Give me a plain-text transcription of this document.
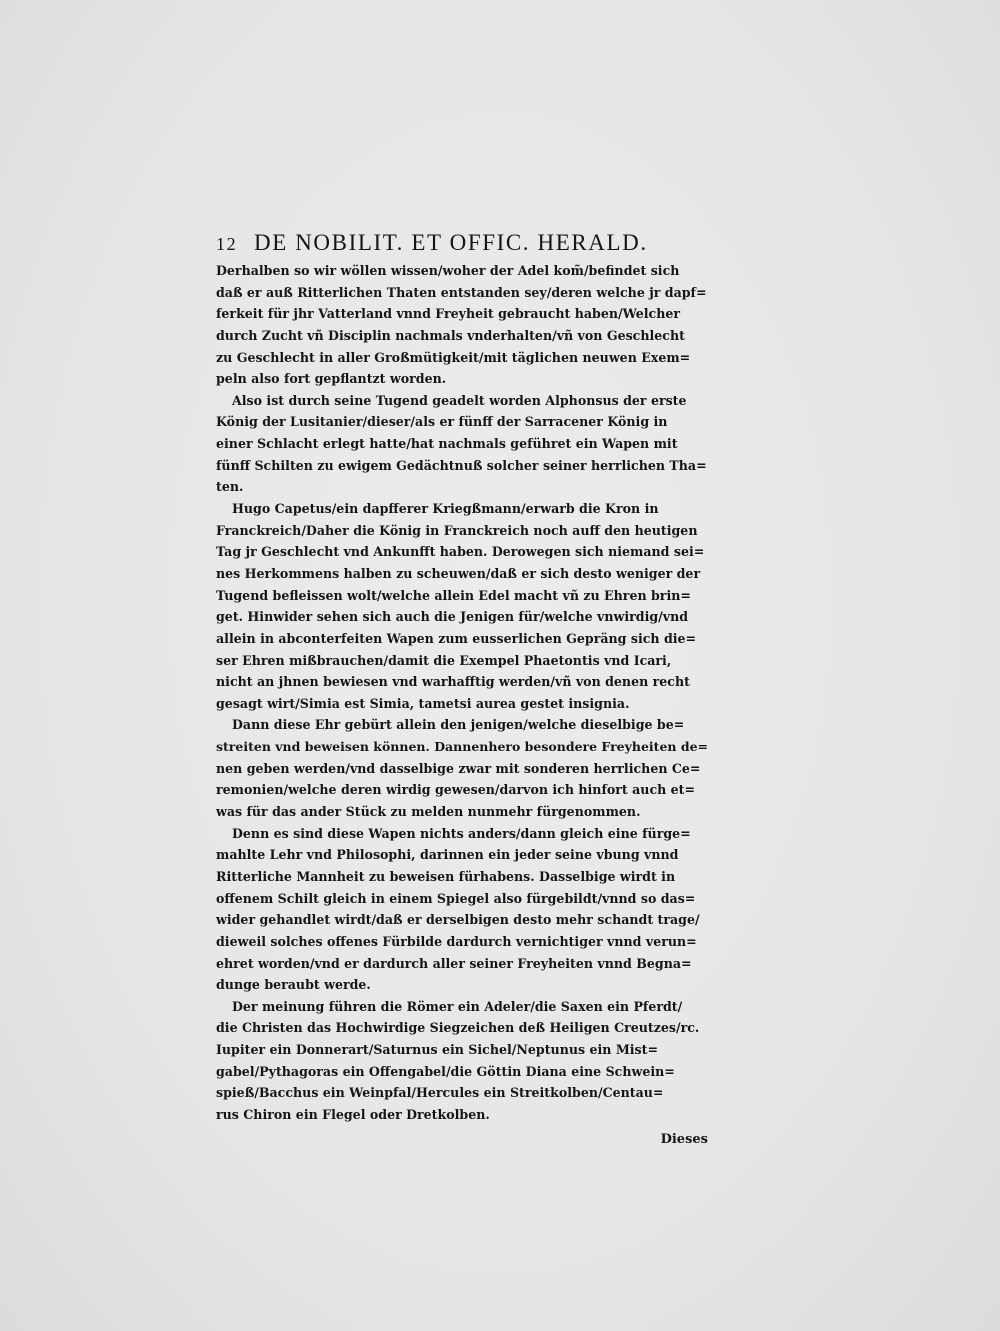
12 DE NOBILIT. ET OFFIC. HERALD.
Derhalben so wir wöllen wissen/woher der Adel kom̃/befindet sich
daß er auß Ritterlichen Thaten entstanden sey/deren welche jr dapf=
ferkeit für jhr Vatterland vnnd Freyheit gebraucht haben/Welcher
durch Zucht vñ Disciplin nachmals vnderhalten/vñ von Geschlecht
zu Geschlecht in aller Großmütigkeit/mit täglichen neuwen Exem=
peln also fort gepflantzt worden.
Also ist durch seine Tugend geadelt worden Alphonsus der erste
König der Lusitanier/dieser/als er fünff der Sarracener König in
einer Schlacht erlegt hatte/hat nachmals geführet ein Wapen mit
fünff Schilten zu ewigem Gedächtnuß solcher seiner herrlichen Tha=
ten.
Hugo Capetus/ein dapfferer Kriegßmann/erwarb die Kron in
Franckreich/Daher die König in Franckreich noch auff den heutigen
Tag jr Geschlecht vnd Ankunfft haben. Derowegen sich niemand sei=
nes Herkommens halben zu scheuwen/daß er sich desto weniger der
Tugend befleissen wolt/welche allein Edel macht vñ zu Ehren brin=
get. Hinwider sehen sich auch die Jenigen für/welche vnwirdig/vnd
allein in abconterfeiten Wapen zum eusserlichen Gepräng sich die=
ser Ehren mißbrauchen/damit die Exempel Phaetontis vnd Icari,
nicht an jhnen bewiesen vnd warhafftig werden/vñ von denen recht
gesagt wirt/Simia est Simia, tametsi aurea gestet insignia.
Dann diese Ehr gebürt allein den jenigen/welche dieselbige be=
streiten vnd beweisen können. Dannenhero besondere Freyheiten de=
nen geben werden/vnd dasselbige zwar mit sonderen herrlichen Ce=
remonien/welche deren wirdig gewesen/darvon ich hinfort auch et=
was für das ander Stück zu melden nunmehr fürgenommen.
Denn es sind diese Wapen nichts anders/dann gleich eine fürge=
mahlte Lehr vnd Philosophi, darinnen ein jeder seine vbung vnnd
Ritterliche Mannheit zu beweisen fürhabens. Dasselbige wirdt in
offenem Schilt gleich in einem Spiegel also fürgebildt/vnnd so das=
wider gehandlet wirdt/daß er derselbigen desto mehr schandt trage/
dieweil solches offenes Fürbilde dardurch vernichtiger vnnd verun=
ehret worden/vnd er dardurch aller seiner Freyheiten vnnd Begna=
dunge beraubt werde.
Der meinung führen die Römer ein Adeler/die Saxen ein Pferdt/
die Christen das Hochwirdige Siegzeichen deß Heiligen Creutzes/rc.
Iupiter ein Donnerart/Saturnus ein Sichel/Neptunus ein Mist=
gabel/Pythagoras ein Offengabel/die Göttin Diana eine Schwein=
spieß/Bacchus ein Weinpfal/Hercules ein Streitkolben/Centau=
rus Chiron ein Flegel oder Dretkolben.
Dieses
